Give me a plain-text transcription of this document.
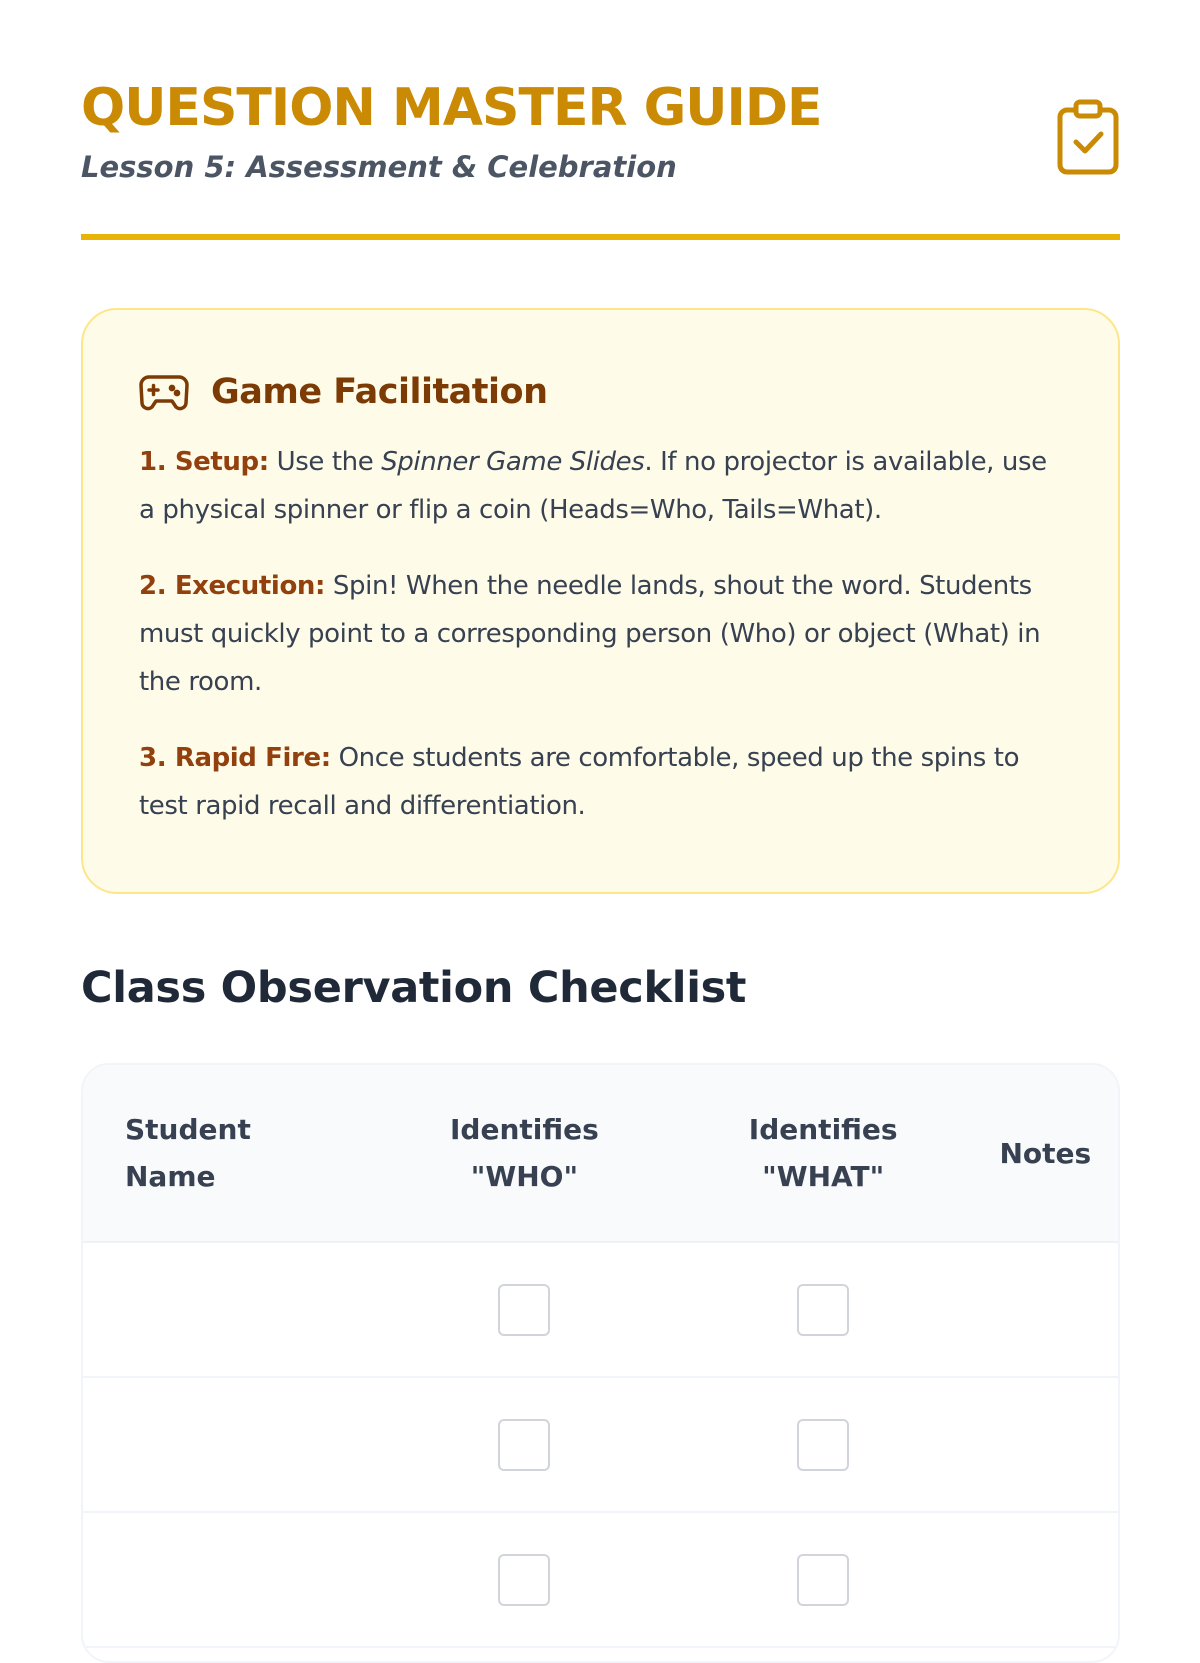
QUESTION MASTER GUIDE

Lesson 5: Assessment & Celebration

Game Facilitation

1. Setup: Use the Spinner Game Slides. If no projector is available, use a physical spinner or flip a coin (Heads=Who, Tails=What).

2. Execution: Spin! When the needle lands, shout the word. Students must quickly point to a corresponding person (Who) or object (What) in the room.

3. Rapid Fire: Once students are comfortable, speed up the spins to test rapid recall and differentiation.

Class Observation Checklist
Student
Name
Identifies
"WHO"
Identifies
"WHAT"
Notes
